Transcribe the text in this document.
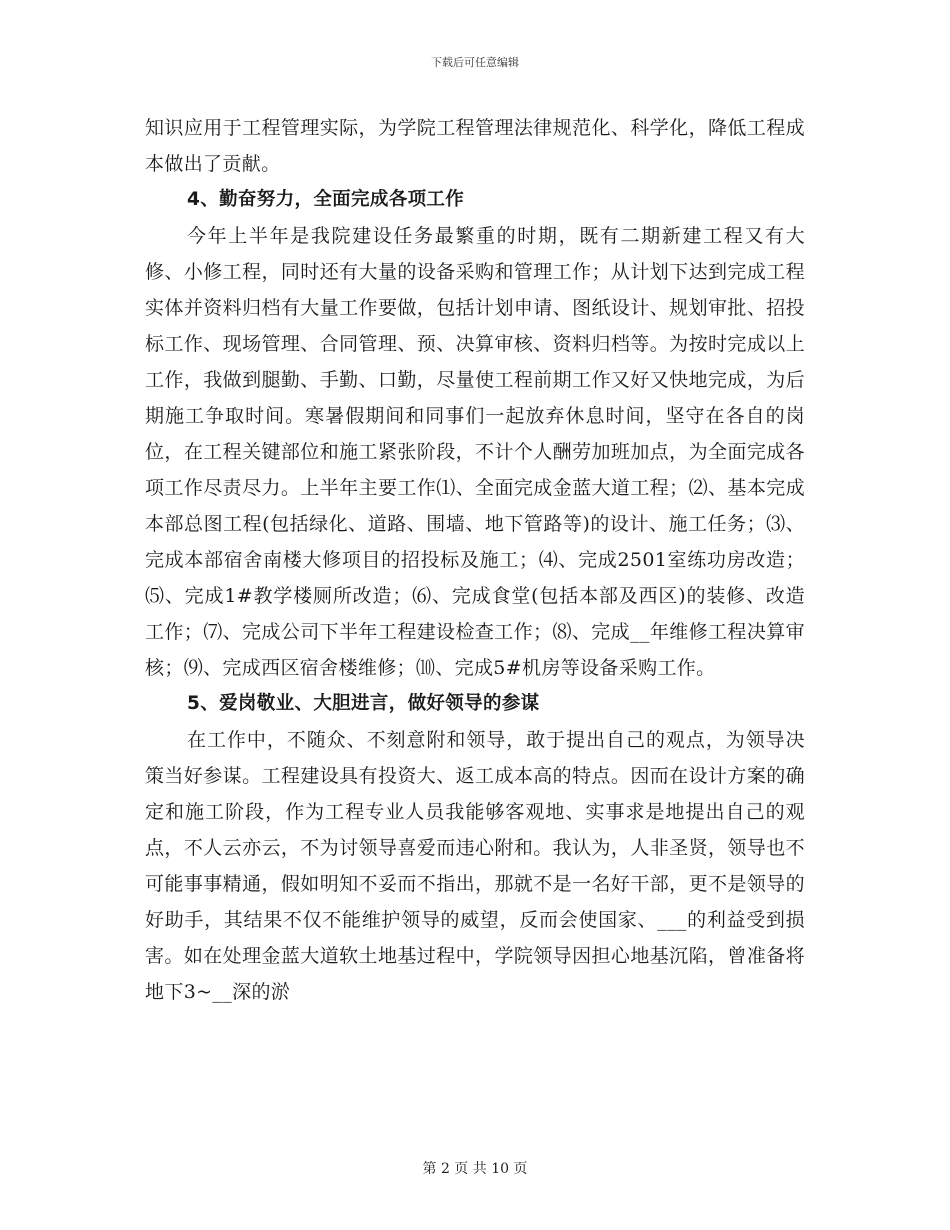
下载后可任意编辑

知识应用于工程管理实际，为学院工程管理法律规范化、科学化，降低工程成本做出了贡献。

4、勤奋努力，全面完成各项工作

今年上半年是我院建设任务最繁重的时期，既有二期新建工程又有大修、小修工程，同时还有大量的设备采购和管理工作；从计划下达到完成工程实体并资料归档有大量工作要做，包括计划申请、图纸设计、规划审批、招投标工作、现场管理、合同管理、预、决算审核、资料归档等。为按时完成以上工作，我做到腿勤、手勤、口勤，尽量使工程前期工作又好又快地完成，为后期施工争取时间。寒暑假期间和同事们一起放弃休息时间，坚守在各自的岗位，在工程关键部位和施工紧张阶段，不计个人酬劳加班加点，为全面完成各项工作尽责尽力。上半年主要工作⑴、全面完成金蓝大道工程；⑵、基本完成本部总图工程(包括绿化、道路、围墙、地下管路等)的设计、施工任务；⑶、完成本部宿舍南楼大修项目的招投标及施工；⑷、完成2501室练功房改造；⑸、完成1#教学楼厕所改造；⑹、完成食堂(包括本部及西区)的装修、改造工作；⑺、完成公司下半年工程建设检查工作；⑻、完成__年维修工程决算审核；⑼、完成西区宿舍楼维修；⑽、完成5#机房等设备采购工作。

5、爱岗敬业、大胆进言，做好领导的参谋

在工作中，不随众、不刻意附和领导，敢于提出自己的观点，为领导决策当好参谋。工程建设具有投资大、返工成本高的特点。因而在设计方案的确定和施工阶段，作为工程专业人员我能够客观地、实事求是地提出自己的观点，不人云亦云，不为讨领导喜爱而违心附和。我认为，人非圣贤，领导也不可能事事精通，假如明知不妥而不指出，那就不是一名好干部，更不是领导的好助手，其结果不仅不能维护领导的威望，反而会使国家、___的利益受到损害。如在处理金蓝大道软土地基过程中，学院领导因担心地基沉陷，曾准备将地下3~__深的淤

第 2 页 共 10 页
